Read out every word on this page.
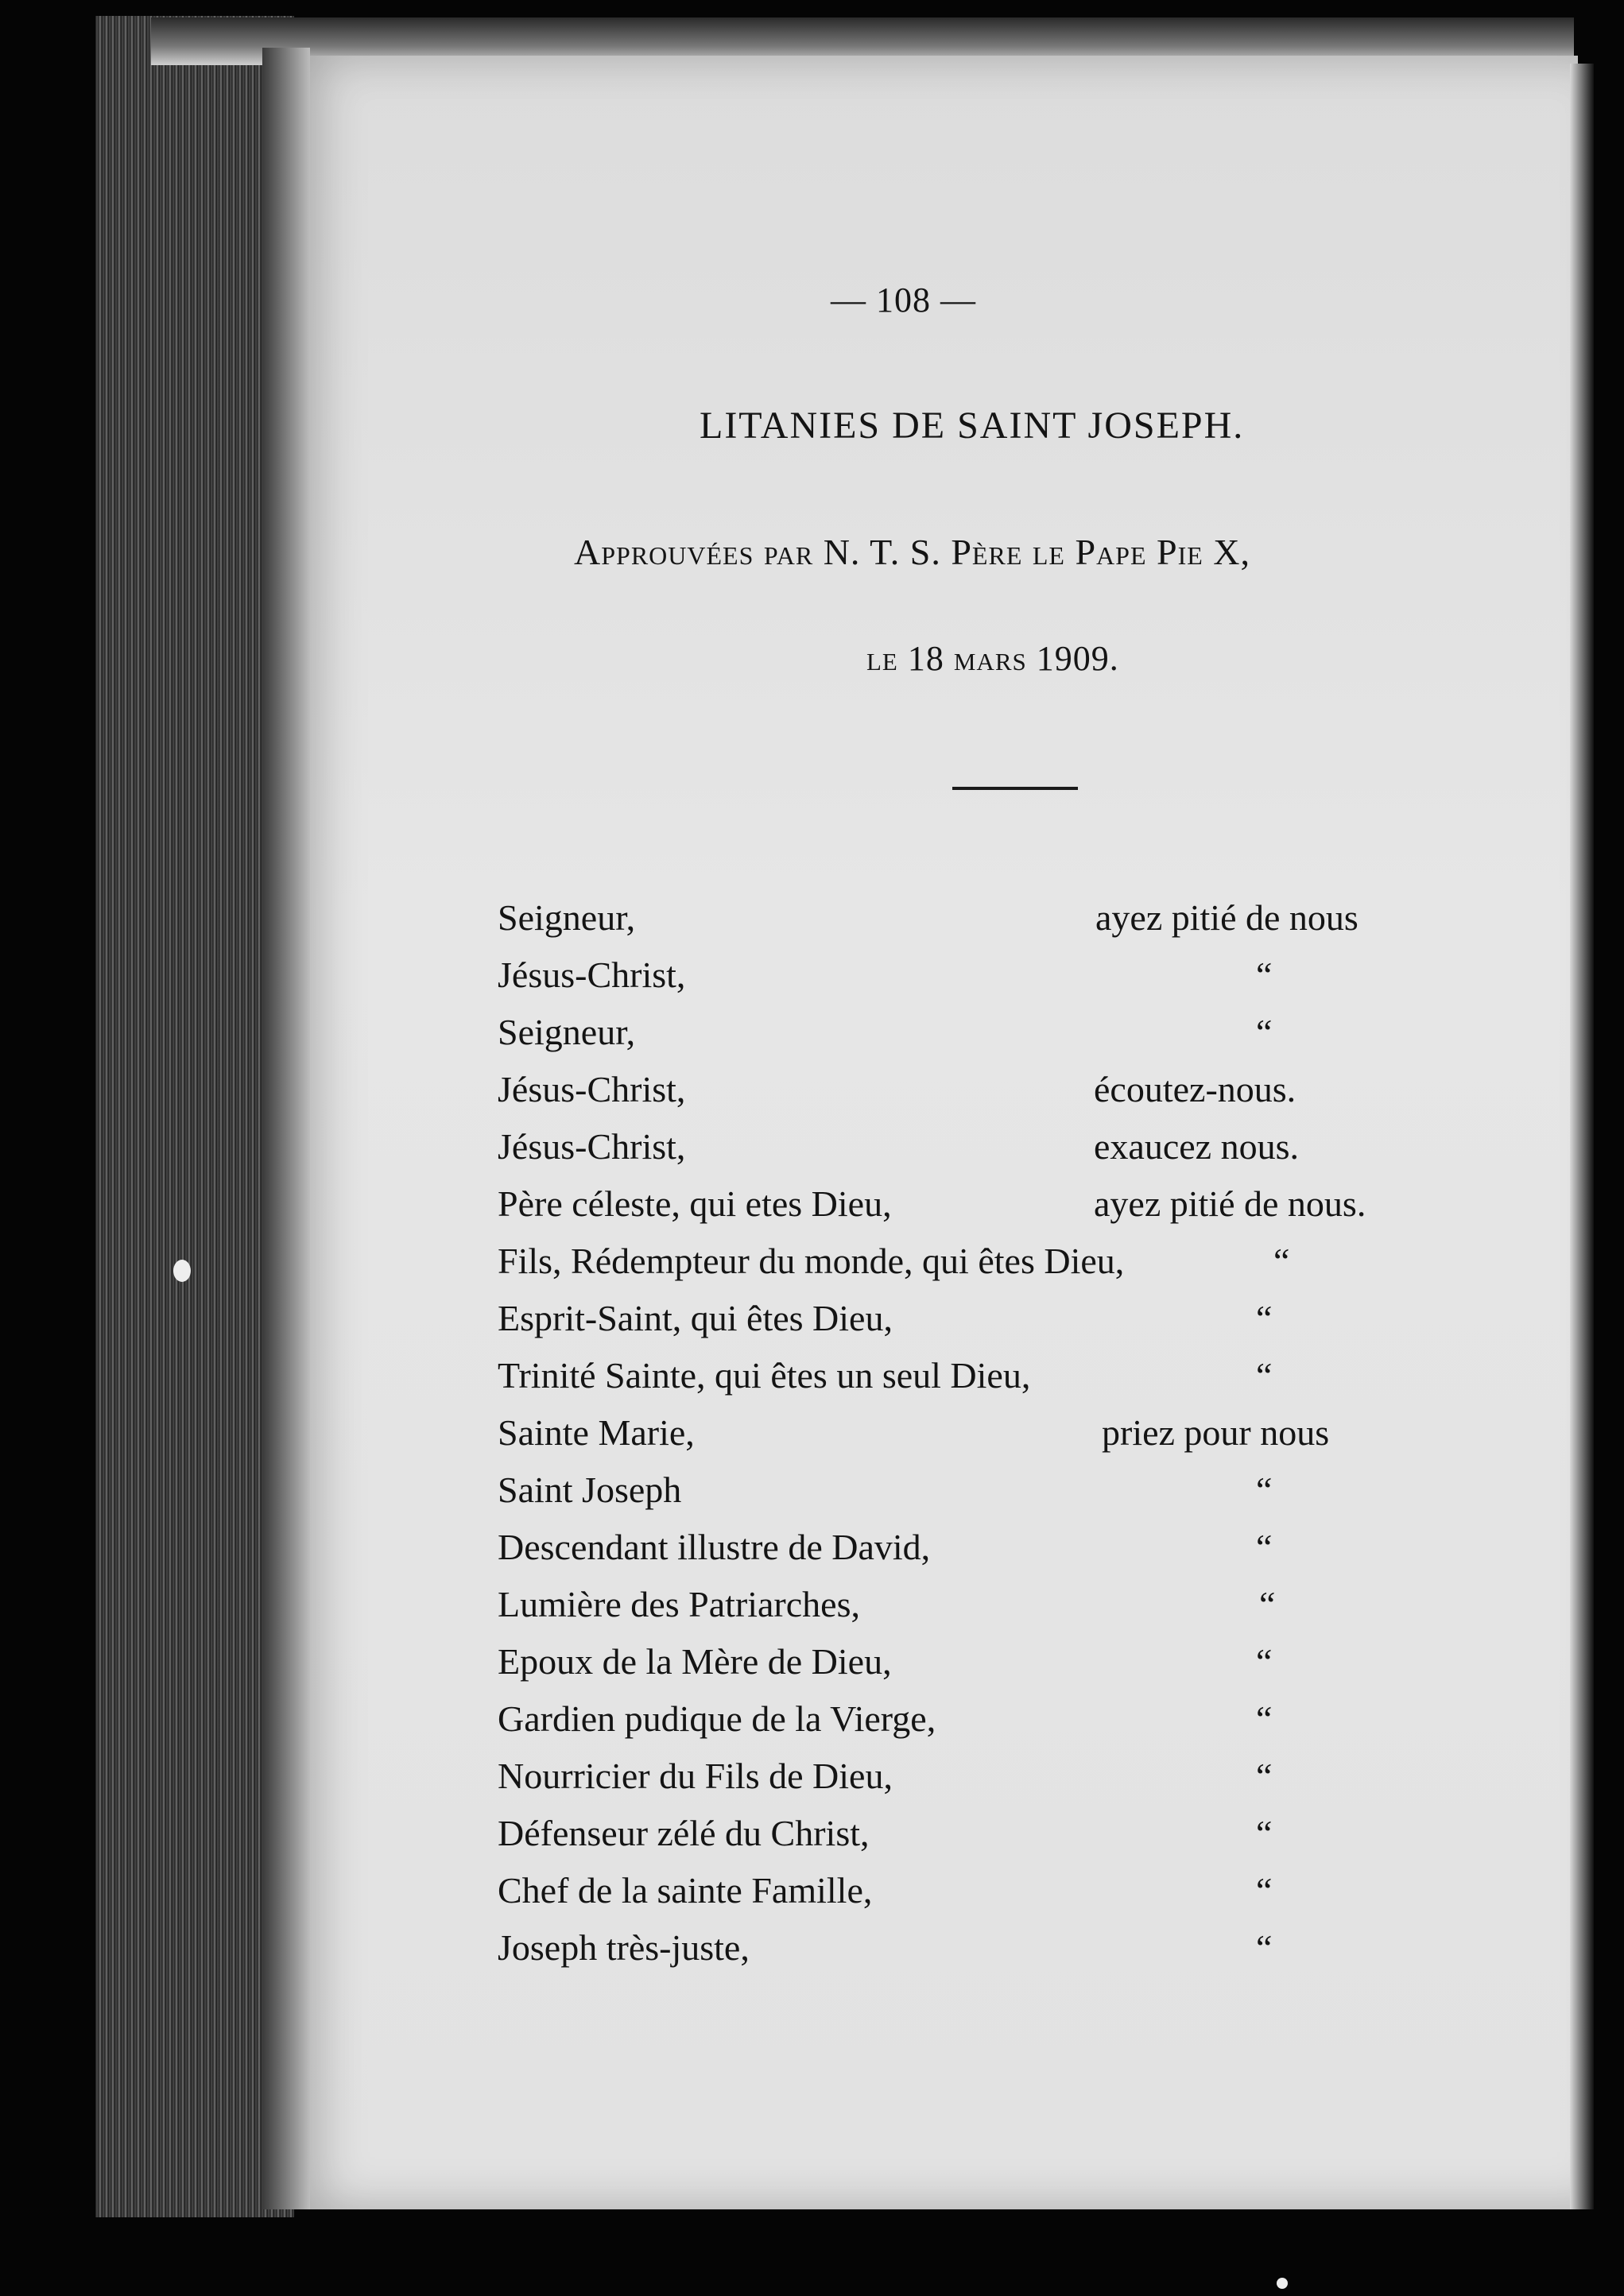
— 108 —
LITANIES DE SAINT JOSEPH.
Approuvées par N. T. S. Père le Pape Pie X,
le 18 mars 1909.
Seigneur,	ayez pitié de nous
Jésus-Christ,	“
Seigneur,	“
Jésus-Christ,	écoutez-nous.
Jésus-Christ,	exaucez nous.
Père céleste, qui etes Dieu,	ayez pitié de nous.
Fils, Rédempteur du monde, qui êtes Dieu,	“
Esprit-Saint, qui êtes Dieu,	“
Trinité Sainte, qui êtes un seul Dieu,	“
Sainte Marie,	priez pour nous
Saint Joseph	“
Descendant illustre de David,	“
Lumière des Patriarches,	“
Epoux de la Mère de Dieu,	“
Gardien pudique de la Vierge,	“
Nourricier du Fils de Dieu,	“
Défenseur zélé du Christ,	“
Chef de la sainte Famille,	“
Joseph très-juste,	“
